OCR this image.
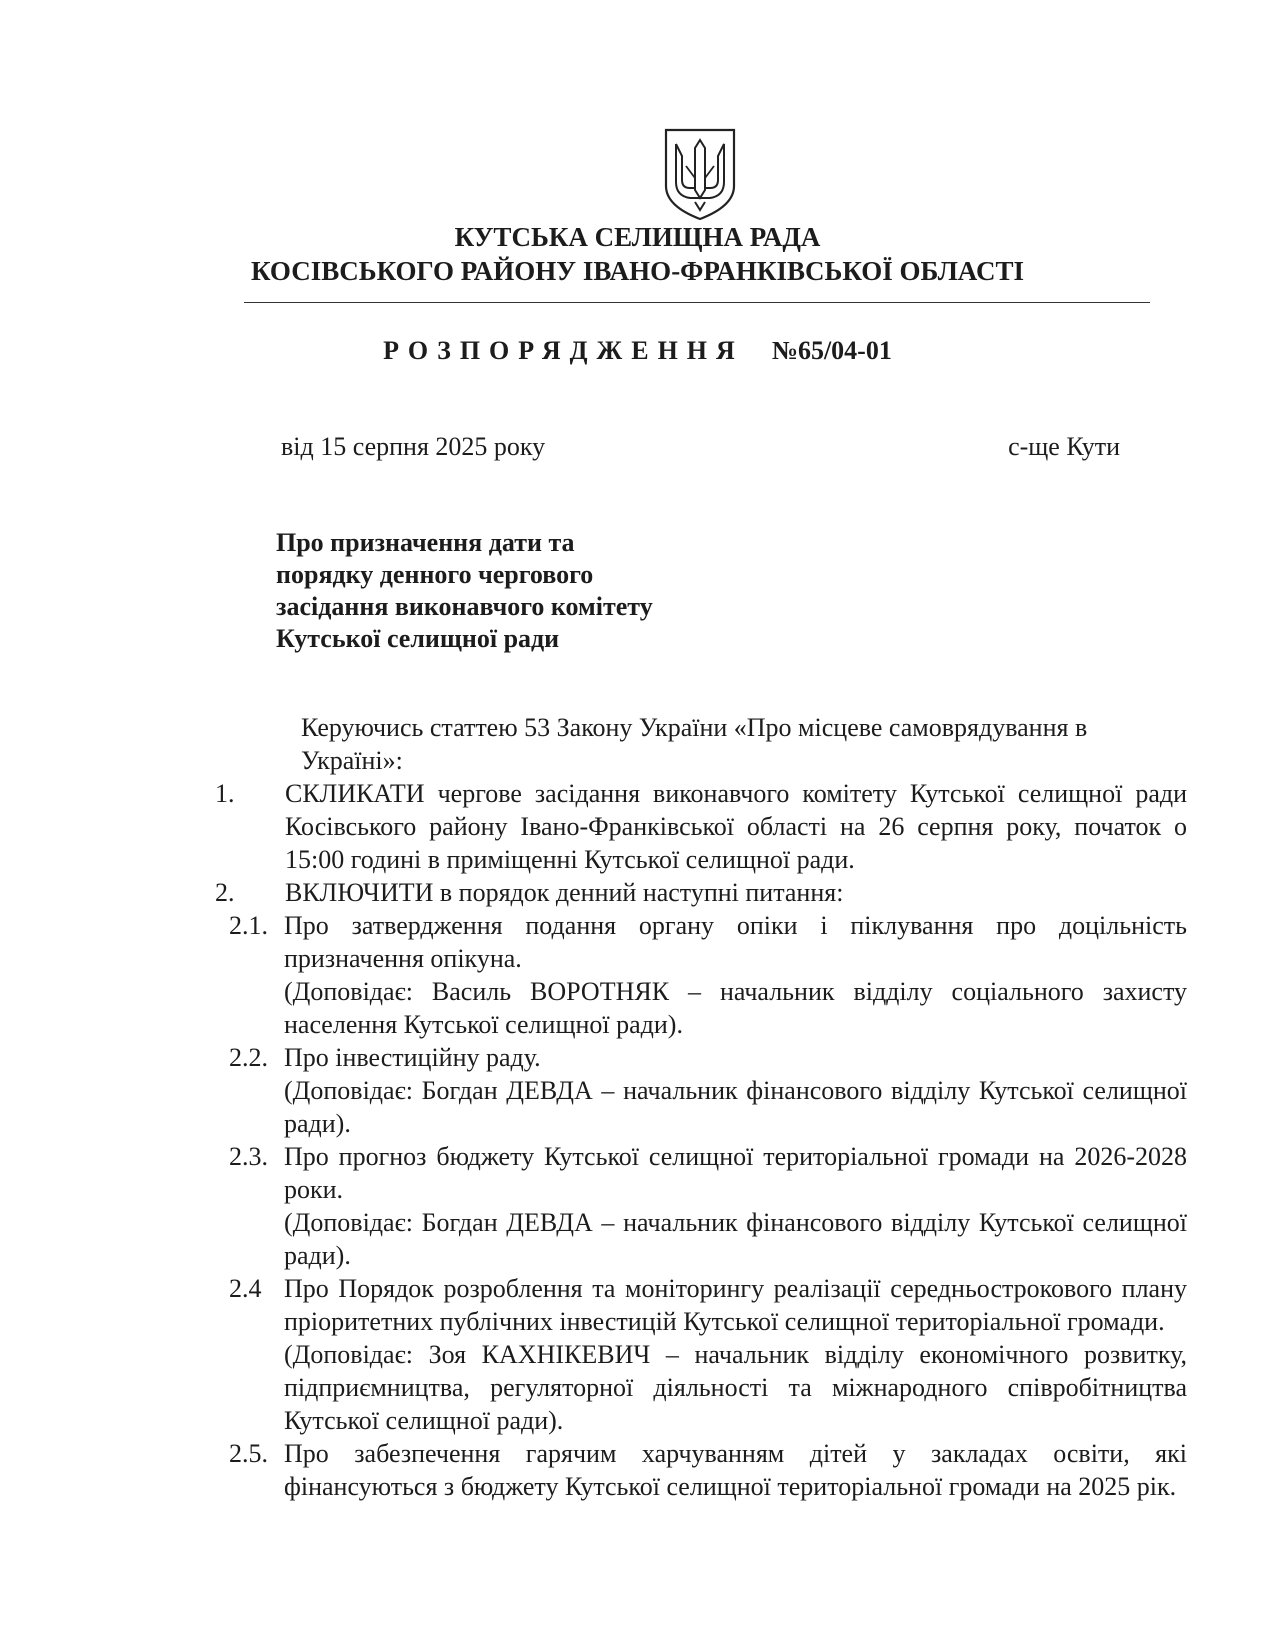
КУТСЬКА СЕЛИЩНА РАДА
КОСІВСЬКОГО РАЙОНУ ІВАНО-ФРАНКІВСЬКОЇ ОБЛАСТІ
РОЗПОРЯДЖЕННЯ №65/04-01
від 15 серпня 2025 року	с-ще Кути
Про призначення дати та
порядку денного чергового
засідання виконавчого комітету
Кутської селищної ради
Керуючись статтею 53 Закону України «Про місцеве самоврядування в Україні»:
1.	СКЛИКАТИ чергове засідання виконавчого комітету Кутської селищної ради Косівського району Івано-Франківської області на 26 серпня року, початок о 15:00 годині в приміщенні Кутської селищної ради.
2.	ВКЛЮЧИТИ в порядок денний наступні питання:
2.1. Про затвердження подання органу опіки і піклування про доцільність призначення опікуна.
(Доповідає: Василь ВОРОТНЯК – начальник відділу соціального захисту населення Кутської селищної ради).
2.2. Про інвестиційну раду.
(Доповідає: Богдан ДЕВДА – начальник фінансового відділу Кутської селищної ради).
2.3. Про прогноз бюджету Кутської селищної територіальної громади на 2026-2028 роки.
(Доповідає: Богдан ДЕВДА – начальник фінансового відділу Кутської селищної ради).
2.4 Про Порядок розроблення та моніторингу реалізації середньострокового плану пріоритетних публічних інвестицій Кутської селищної територіальної громади.
(Доповідає: Зоя КАХНІКЕВИЧ – начальник відділу економічного розвитку, підприємництва, регуляторної діяльності та міжнародного співробітництва Кутської селищної ради).
2.5. Про забезпечення гарячим харчуванням дітей у закладах освіти, які фінансуються з бюджету Кутської селищної територіальної громади на 2025 рік.
